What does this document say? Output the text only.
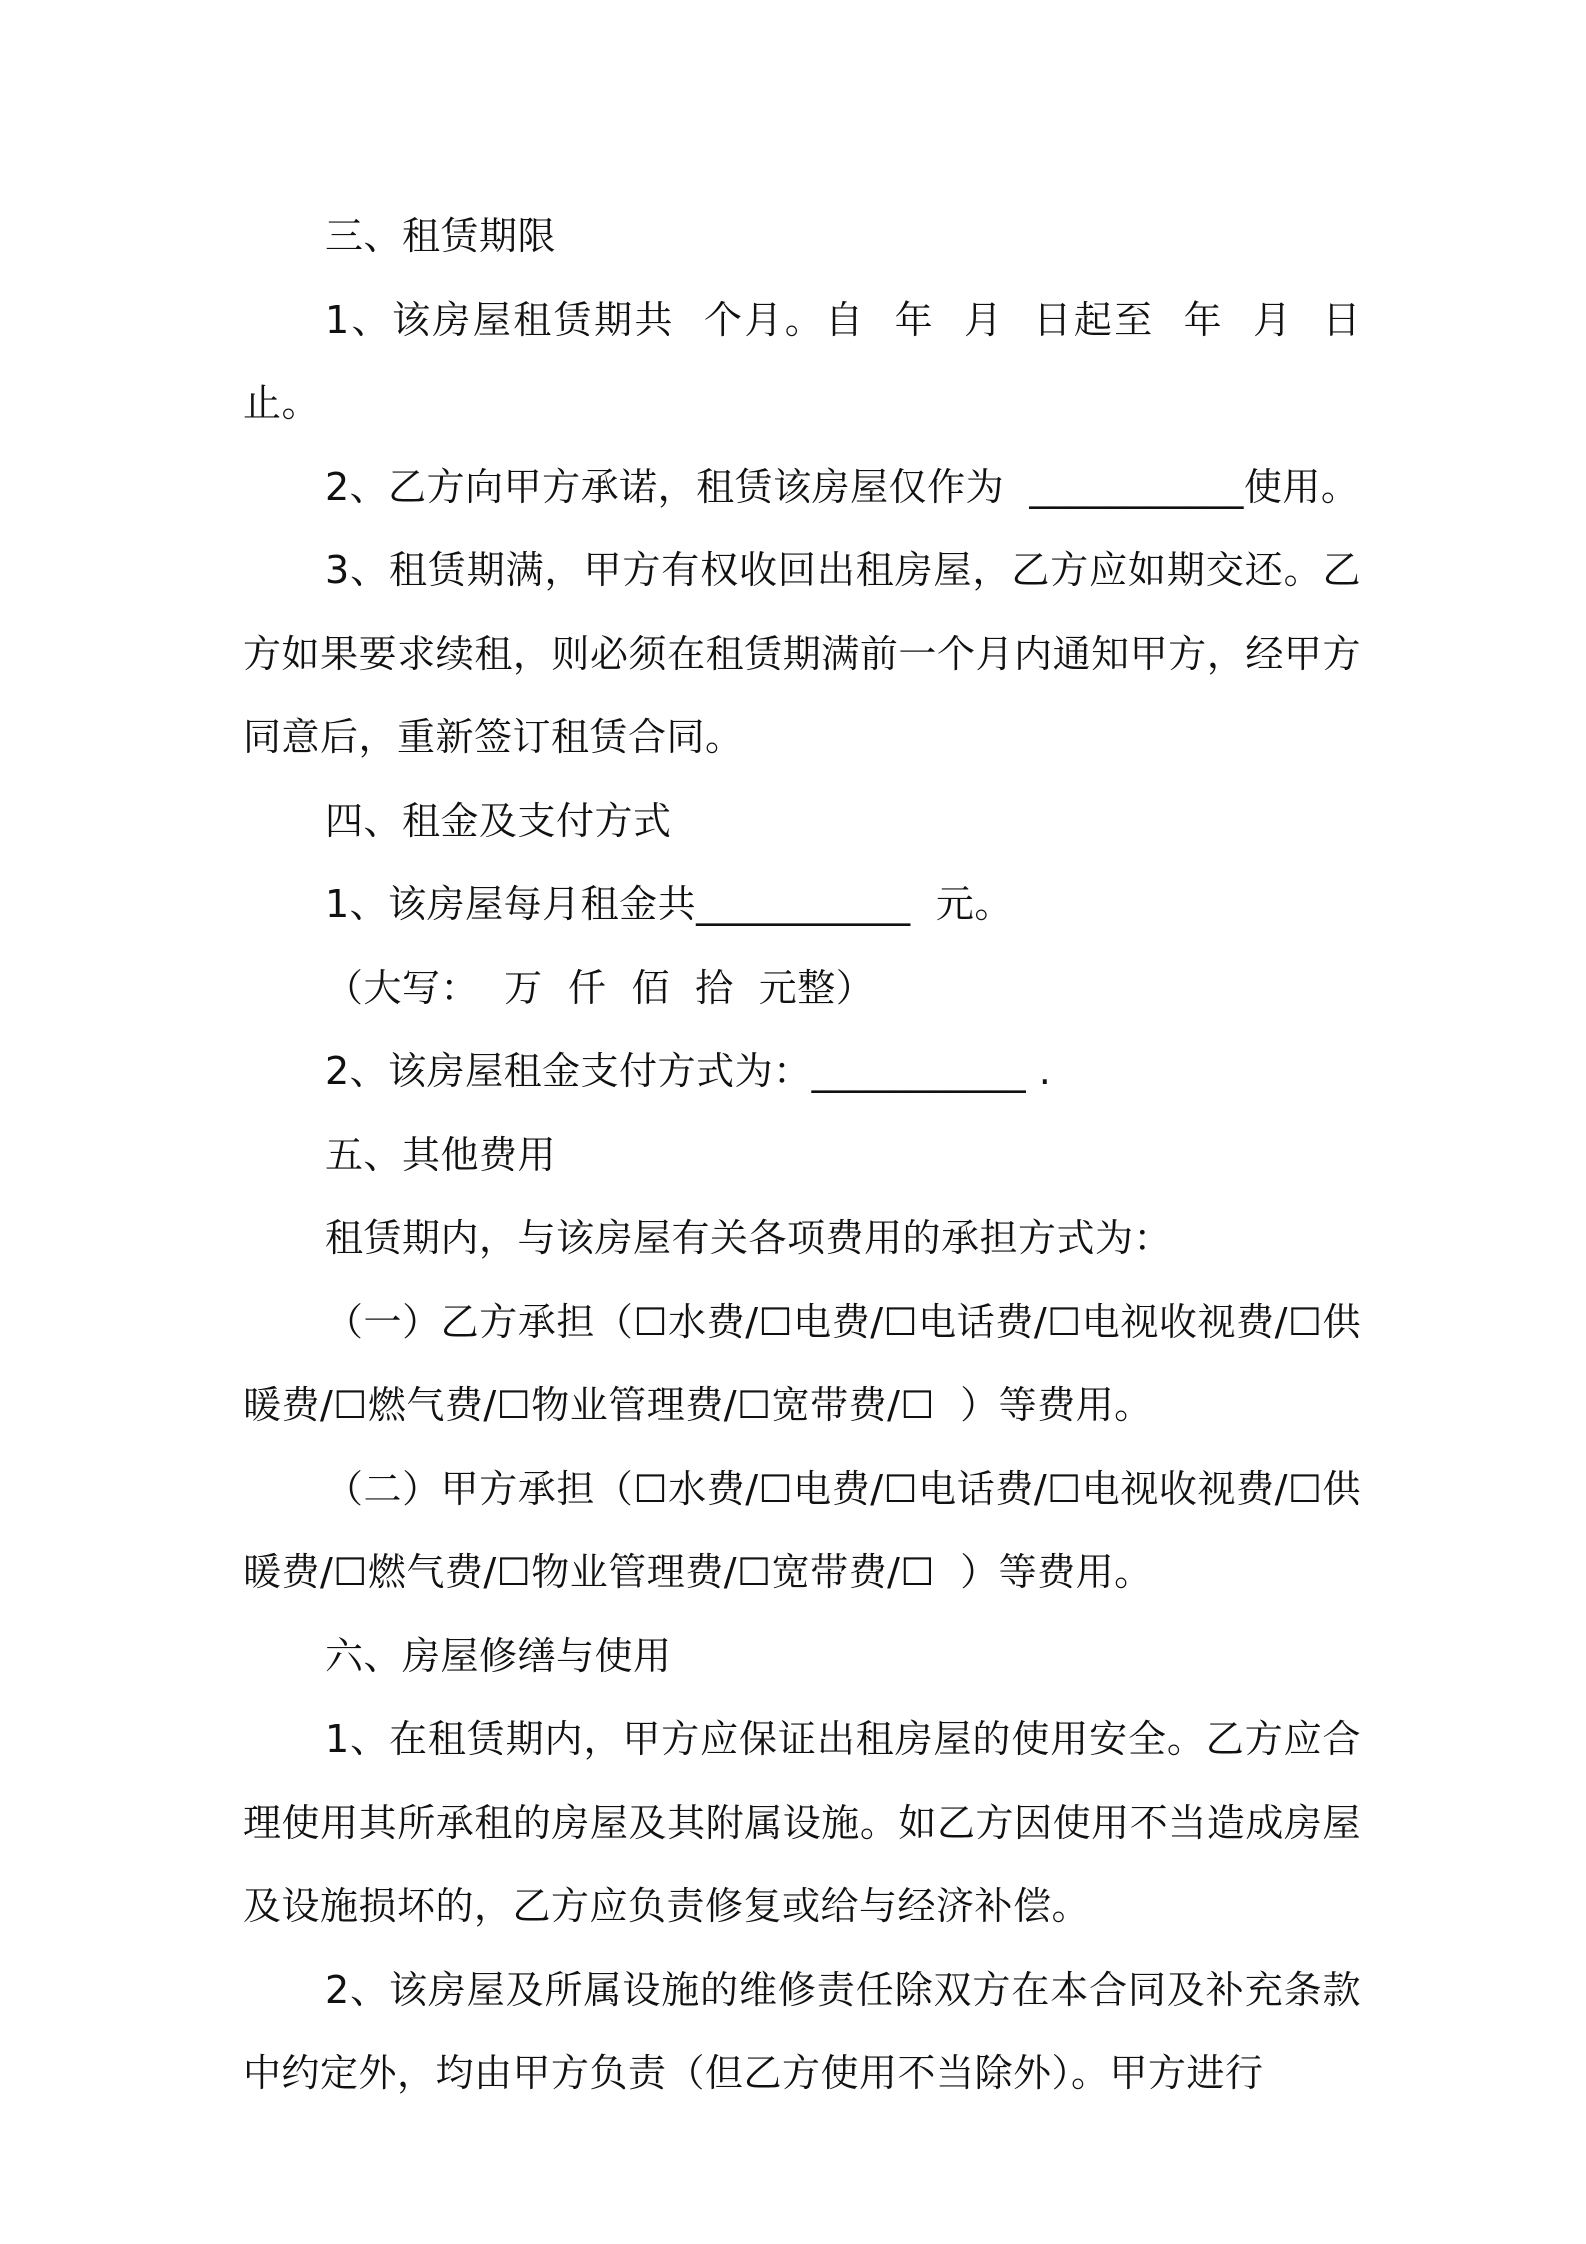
三、租赁期限

1、该房屋租赁期共  个月。自  年  月  日起至  年  月  日止。

2、乙方向甲方承诺，租赁该房屋仅作为  ___________使用。

3、租赁期满，甲方有权收回出租房屋，乙方应如期交还。乙方如果要求续租，则必须在租赁期满前一个月内通知甲方，经甲方同意后，重新签订租赁合同。

四、租金及支付方式

1、该房屋每月租金共___________  元。

（大写：  万  仟  佰  拾  元整）

2、该房屋租金支付方式为：___________ .

五、其他费用

租赁期内，与该房屋有关各项费用的承担方式为：

（一）乙方承担（☐水费/☐电费/☐电话费/☐电视收视费/☐供暖费/☐燃气费/☐物业管理费/☐宽带费/☐  ）等费用。

（二）甲方承担（☐水费/☐电费/☐电话费/☐电视收视费/☐供暖费/☐燃气费/☐物业管理费/☐宽带费/☐  ）等费用。

六、房屋修缮与使用

1、在租赁期内，甲方应保证出租房屋的使用安全。乙方应合理使用其所承租的房屋及其附属设施。如乙方因使用不当造成房屋及设施损坏的，乙方应负责修复或给与经济补偿。

2、该房屋及所属设施的维修责任除双方在本合同及补充条款中约定外，均由甲方负责（但乙方使用不当除外）。甲方进行
